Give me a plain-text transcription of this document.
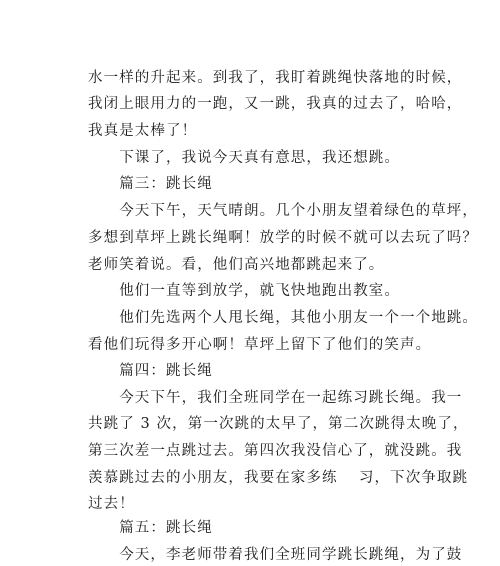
水一样的升起来。到我了，我盯着跳绳快落地的时候，
我闭上眼用力的一跑，又一跳，我真的过去了，哈哈，
我真是太棒了！
　　下课了，我说今天真有意思，我还想跳。
　　篇三：跳长绳
　　今天下午，天气晴朗。几个小朋友望着绿色的草坪，
多想到草坪上跳长绳啊！放学的时候不就可以去玩了吗？
老师笑着说。看，他们高兴地都跳起来了。
　　他们一直等到放学，就飞快地跑出教室。
　　他们先选两个人甩长绳，其他小朋友一个一个地跳。
看他们玩得多开心啊！草坪上留下了他们的笑声。
　　篇四：跳长绳
　　今天下午，我们全班同学在一起练习跳长绳。我一
共跳了 3 次，第一次跳的太早了，第二次跳得太晚了，
第三次差一点跳过去。第四次我没信心了，就没跳。我
羡慕跳过去的小朋友，我要在家多练　 习，下次争取跳
过去！
　　篇五：跳长绳
　　今天，李老师带着我们全班同学跳长跳绳，为了鼓
